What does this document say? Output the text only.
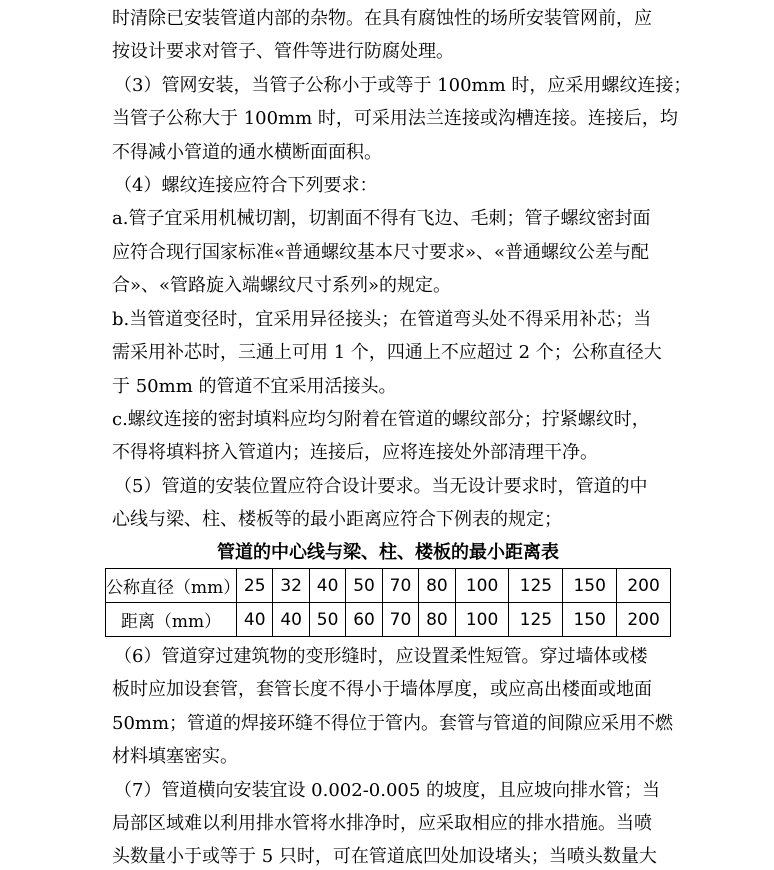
时清除已安装管道内部的杂物。在具有腐蚀性的场所安装管网前，应
按设计要求对管子、管件等进行防腐处理。
（3）管网安装，当管子公称小于或等于 100mm 时，应采用螺纹连接；
当管子公称大于 100mm 时，可采用法兰连接或沟槽连接。连接后，均
不得减小管道的通水横断面面积。
（4）螺纹连接应符合下列要求：
a.管子宜采用机械切割，切割面不得有飞边、毛刺；管子螺纹密封面
应符合现行国家标准«普通螺纹基本尺寸要求»、«普通螺纹公差与配
合»、«管路旋入端螺纹尺寸系列»的规定。
b.当管道变径时，宜采用异径接头；在管道弯头处不得采用补芯；当
需采用补芯时，三通上可用 1 个，四通上不应超过 2 个；公称直径大
于 50mm 的管道不宜采用活接头。
c.螺纹连接的密封填料应均匀附着在管道的螺纹部分；拧紧螺纹时，
不得将填料挤入管道内；连接后，应将连接处外部清理干净。
（5）管道的安装位置应符合设计要求。当无设计要求时，管道的中
心线与梁、柱、楼板等的最小距离应符合下例表的规定；
管道的中心线与梁、柱、楼板的最小距离表
公称直径（mm）	25	32	40	50	70	80	100	125	150	200
距离（mm）	40	40	50	60	70	80	100	125	150	200
（6）管道穿过建筑物的变形缝时，应设置柔性短管。穿过墙体或楼
板时应加设套管，套管长度不得小于墙体厚度，或应高出楼面或地面
50mm；管道的焊接环缝不得位于管内。套管与管道的间隙应采用不燃
材料填塞密实。
（7）管道横向安装宜设 0.002-0.005 的坡度，且应坡向排水管；当
局部区域难以利用排水管将水排净时，应采取相应的排水措施。当喷
头数量小于或等于 5 只时，可在管道底凹处加设堵头；当喷头数量大
